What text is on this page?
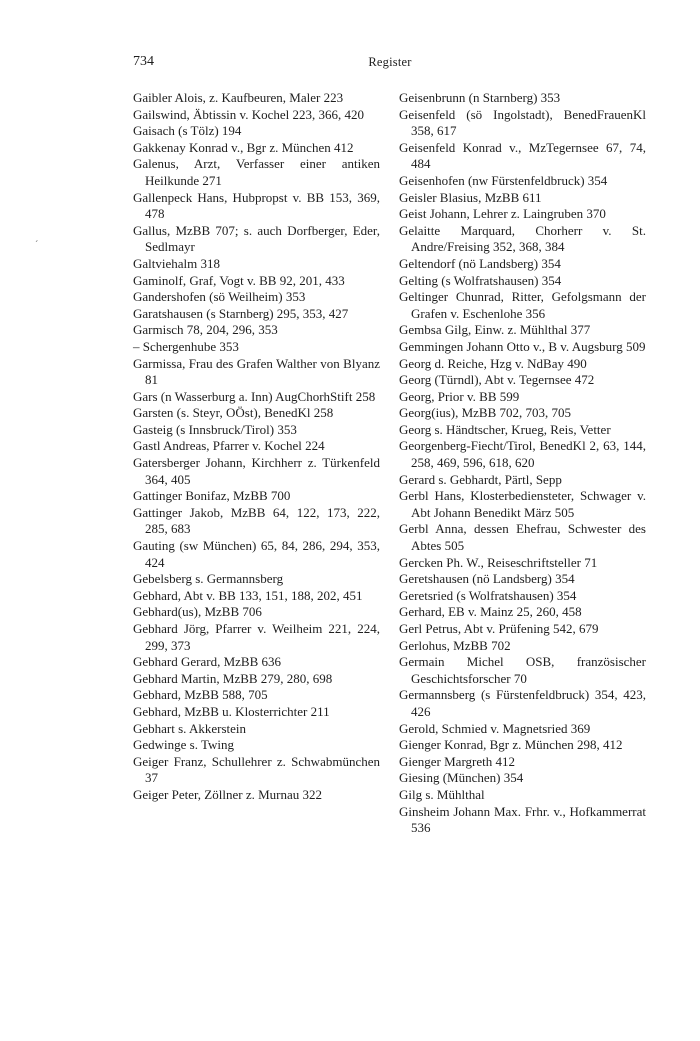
734	Register
ˊ

Gaibler Alois, z. Kaufbeuren, Maler 223

Gailswind, Äbtissin v. Kochel 223, 366, 420

Gaisach (s Tölz) 194

Gakkenay Konrad v., Bgr z. München 412

Galenus, Arzt, Verfasser einer antiken Heilkunde 271

Gallenpeck Hans, Hubpropst v. BB 153, 369, 478

Gallus, MzBB 707; s. auch Dorfberger, Eder, Sedlmayr

Galtviehalm 318

Gaminolf, Graf, Vogt v. BB 92, 201, 433

Gandershofen (sö Weilheim) 353

Garatshausen (s Starnberg) 295, 353, 427

Garmisch 78, 204, 296, 353

– Schergenhube 353

Garmissa, Frau des Grafen Walther von Blyanz 81

Gars (n Wasserburg a. Inn) AugChorhStift 258

Garsten (s. Steyr, OÖst), BenedKl 258

Gasteig (s Innsbruck/Tirol) 353

Gastl Andreas, Pfarrer v. Kochel 224

Gatersberger Johann, Kirchherr z. Türkenfeld 364, 405

Gattinger Bonifaz, MzBB 700

Gattinger Jakob, MzBB 64, 122, 173, 222, 285, 683

Gauting (sw München) 65, 84, 286, 294, 353, 424

Gebelsberg s. Germannsberg

Gebhard, Abt v. BB 133, 151, 188, 202, 451

Gebhard(us), MzBB 706

Gebhard Jörg, Pfarrer v. Weilheim 221, 224, 299, 373

Gebhard Gerard, MzBB 636

Gebhard Martin, MzBB 279, 280, 698

Gebhard, MzBB 588, 705

Gebhard, MzBB u. Klosterrichter 211

Gebhart s. Akkerstein

Gedwinge s. Twing

Geiger Franz, Schullehrer z. Schwabmünchen 37

Geiger Peter, Zöllner z. Murnau 322

Geisenbrunn (n Starnberg) 353

Geisenfeld (sö Ingolstadt), BenedFrauenKl 358, 617

Geisenfeld Konrad v., MzTegernsee 67, 74, 484

Geisenhofen (nw Fürstenfeldbruck) 354

Geisler Blasius, MzBB 611

Geist Johann, Lehrer z. Laingruben 370

Gelaitte Marquard, Chorherr v. St. Andre/Freising 352, 368, 384

Geltendorf (nö Landsberg) 354

Gelting (s Wolfratshausen) 354

Geltinger Chunrad, Ritter, Gefolgsmann der Grafen v. Eschenlohe 356

Gembsa Gilg, Einw. z. Mühlthal 377

Gemmingen Johann Otto v., B v. Augsburg 509

Georg d. Reiche, Hzg v. NdBay 490

Georg (Türndl), Abt v. Tegernsee 472

Georg, Prior v. BB 599

Georg(ius), MzBB 702, 703, 705

Georg s. Händtscher, Krueg, Reis, Vetter

Georgenberg-Fiecht/Tirol, BenedKl 2, 63, 144, 258, 469, 596, 618, 620

Gerard s. Gebhardt, Pärtl, Sepp

Gerbl Hans, Klosterbediensteter, Schwager v. Abt Johann Benedikt März 505

Gerbl Anna, dessen Ehefrau, Schwester des Abtes 505

Gercken Ph. W., Reiseschriftsteller 71

Geretshausen (nö Landsberg) 354

Geretsried (s Wolfratshausen) 354

Gerhard, EB v. Mainz 25, 260, 458

Gerl Petrus, Abt v. Prüfening 542, 679

Gerlohus, MzBB 702

Germain Michel OSB, französischer Geschichtsforscher 70

Germannsberg (s Fürstenfeldbruck) 354, 423, 426

Gerold, Schmied v. Magnetsried 369

Gienger Konrad, Bgr z. München 298, 412

Gienger Margreth 412

Giesing (München) 354

Gilg s. Mühlthal

Ginsheim Johann Max. Frhr. v., Hofkammerrat 536
